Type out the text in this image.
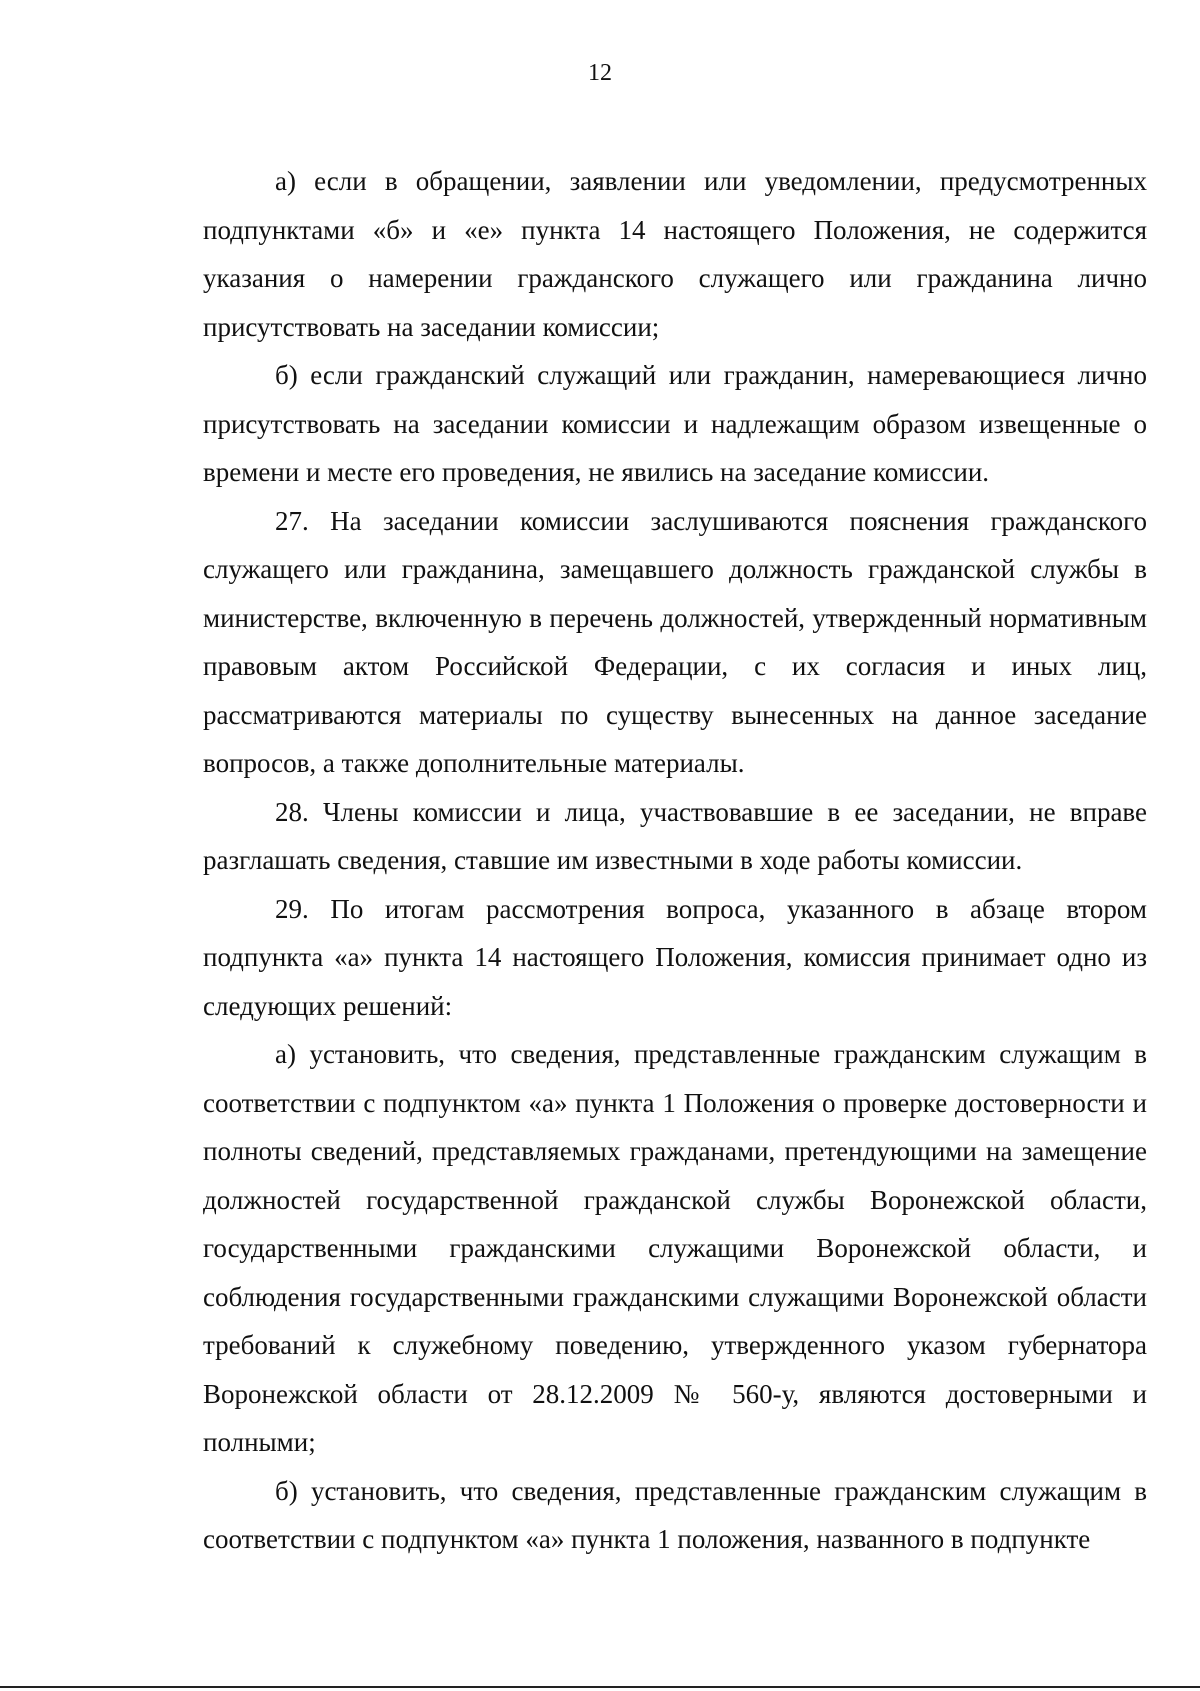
12

а) если в обращении, заявлении или уведомлении, предусмотренных подпунктами «б» и «е» пункта 14 настоящего Положения, не содержится указания о намерении гражданского служащего или гражданина лично присутствовать на заседании комиссии;

б) если гражданский служащий или гражданин, намеревающиеся лично присутствовать на заседании комиссии и надлежащим образом извещенные о времени и месте его проведения, не явились на заседание комиссии.

27. На заседании комиссии заслушиваются пояснения гражданского служащего или гражданина, замещавшего должность гражданской службы в министерстве, включенную в перечень должностей, утвержденный нормативным правовым актом Российской Федерации, с их согласия и иных лиц, рассматриваются материалы по существу вынесенных на данное заседание вопросов, а также дополнительные материалы.

28. Члены комиссии и лица, участвовавшие в ее заседании, не вправе разглашать сведения, ставшие им известными в ходе работы комиссии.

29. По итогам рассмотрения вопроса, указанного в абзаце втором подпункта «а» пункта 14 настоящего Положения, комиссия принимает одно из следующих решений:

а) установить, что сведения, представленные гражданским служащим в соответствии с подпунктом «а» пункта 1 Положения о проверке достоверности и полноты сведений, представляемых гражданами, претендующими на замещение должностей государственной гражданской службы Воронежской области, государственными гражданскими служащими Воронежской области, и соблюдения государственными гражданскими служащими Воронежской области требований к служебному поведению, утвержденного указом губернатора Воронежской области от 28.12.2009 № 560-у, являются достоверными и полными;

б) установить, что сведения, представленные гражданским служащим в соответствии с подпунктом «а» пункта 1 положения, названного в подпункте
